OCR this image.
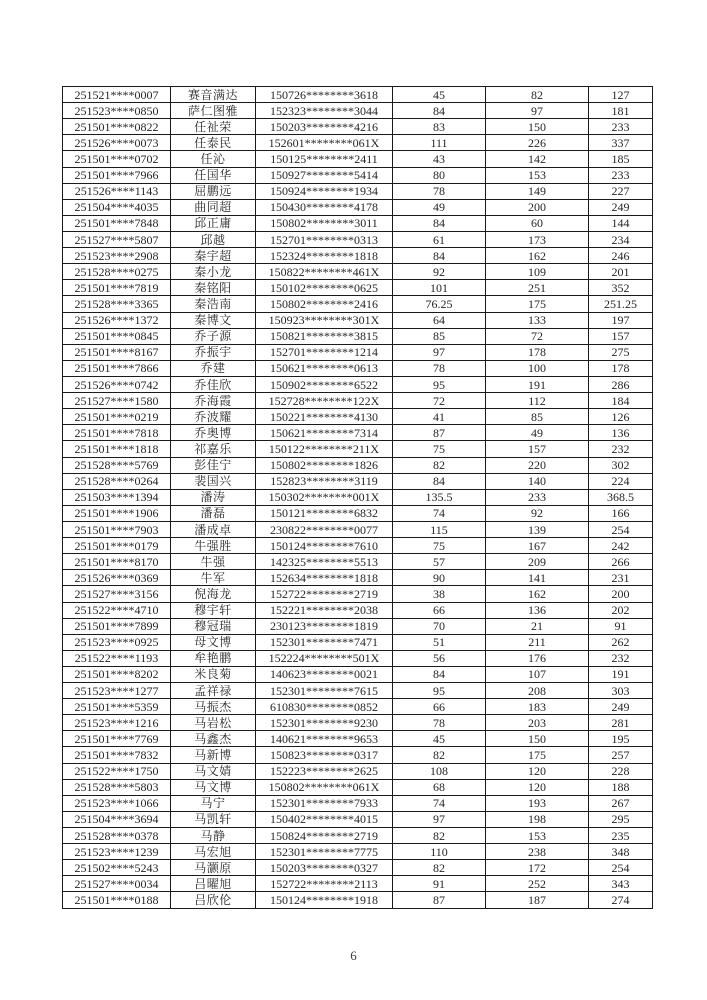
251521****0007	赛音满达	150726********3618	45	82	127
251523****0850	萨仁图雅	152323********3044	84	97	181
251501****0822	任祉荣	150203********4216	83	150	233
251526****0073	任泰民	152601********061X	111	226	337
251501****0702	任沁	150125********2411	43	142	185
251501****7966	任国华	150927********5414	80	153	233
251526****1143	屈鹏远	150924********1934	78	149	227
251504****4035	曲同超	150430********4178	49	200	249
251501****7848	邱正庸	150802********3011	84	60	144
251527****5807	邱越	152701********0313	61	173	234
251523****2908	秦宇超	152324********1818	84	162	246
251528****0275	秦小龙	150822********461X	92	109	201
251501****7819	秦铭阳	150102********0625	101	251	352
251528****3365	秦浩南	150802********2416	76.25	175	251.25
251526****1372	秦博文	150923********301X	64	133	197
251501****0845	乔子源	150821********3815	85	72	157
251501****8167	乔振宇	152701********1214	97	178	275
251501****7866	乔建	150621********0613	78	100	178
251526****0742	乔佳欣	150902********6522	95	191	286
251527****1580	乔海霞	152728********122X	72	112	184
251501****0219	乔波耀	150221********4130	41	85	126
251501****7818	乔奥博	150621********7314	87	49	136
251501****1818	祁嘉乐	150122********211X	75	157	232
251528****5769	彭佳宁	150802********1826	82	220	302
251528****0264	裴国兴	152823********3119	84	140	224
251503****1394	潘涛	150302********001X	135.5	233	368.5
251501****1906	潘磊	150121********6832	74	92	166
251501****7903	潘成卓	230822********0077	115	139	254
251501****0179	牛强胜	150124********7610	75	167	242
251501****8170	牛强	142325********5513	57	209	266
251526****0369	牛军	152634********1818	90	141	231
251527****3156	倪海龙	152722********2719	38	162	200
251522****4710	穆宇轩	152221********2038	66	136	202
251501****7899	穆冠瑞	230123********1819	70	21	91
251523****0925	母文博	152301********7471	51	211	262
251522****1193	牟艳鹏	152224********501X	56	176	232
251501****8202	米良菊	140623********0021	84	107	191
251523****1277	孟祥禄	152301********7615	95	208	303
251501****5359	马振杰	610830********0852	66	183	249
251523****1216	马岩松	152301********9230	78	203	281
251501****7769	马鑫杰	140621********9653	45	150	195
251501****7832	马新博	150823********0317	82	175	257
251522****1750	马文婧	152223********2625	108	120	228
251528****5803	马文博	150802********061X	68	120	188
251523****1066	马宁	152301********7933	74	193	267
251504****3694	马凯轩	150402********4015	97	198	295
251528****0378	马静	150824********2719	82	153	235
251523****1239	马宏旭	152301********7775	110	238	348
251502****5243	马灏原	150203********0327	82	172	254
251527****0034	吕曜旭	152722********2113	91	252	343
251501****0188	吕欣伦	150124********1918	87	187	274
6
